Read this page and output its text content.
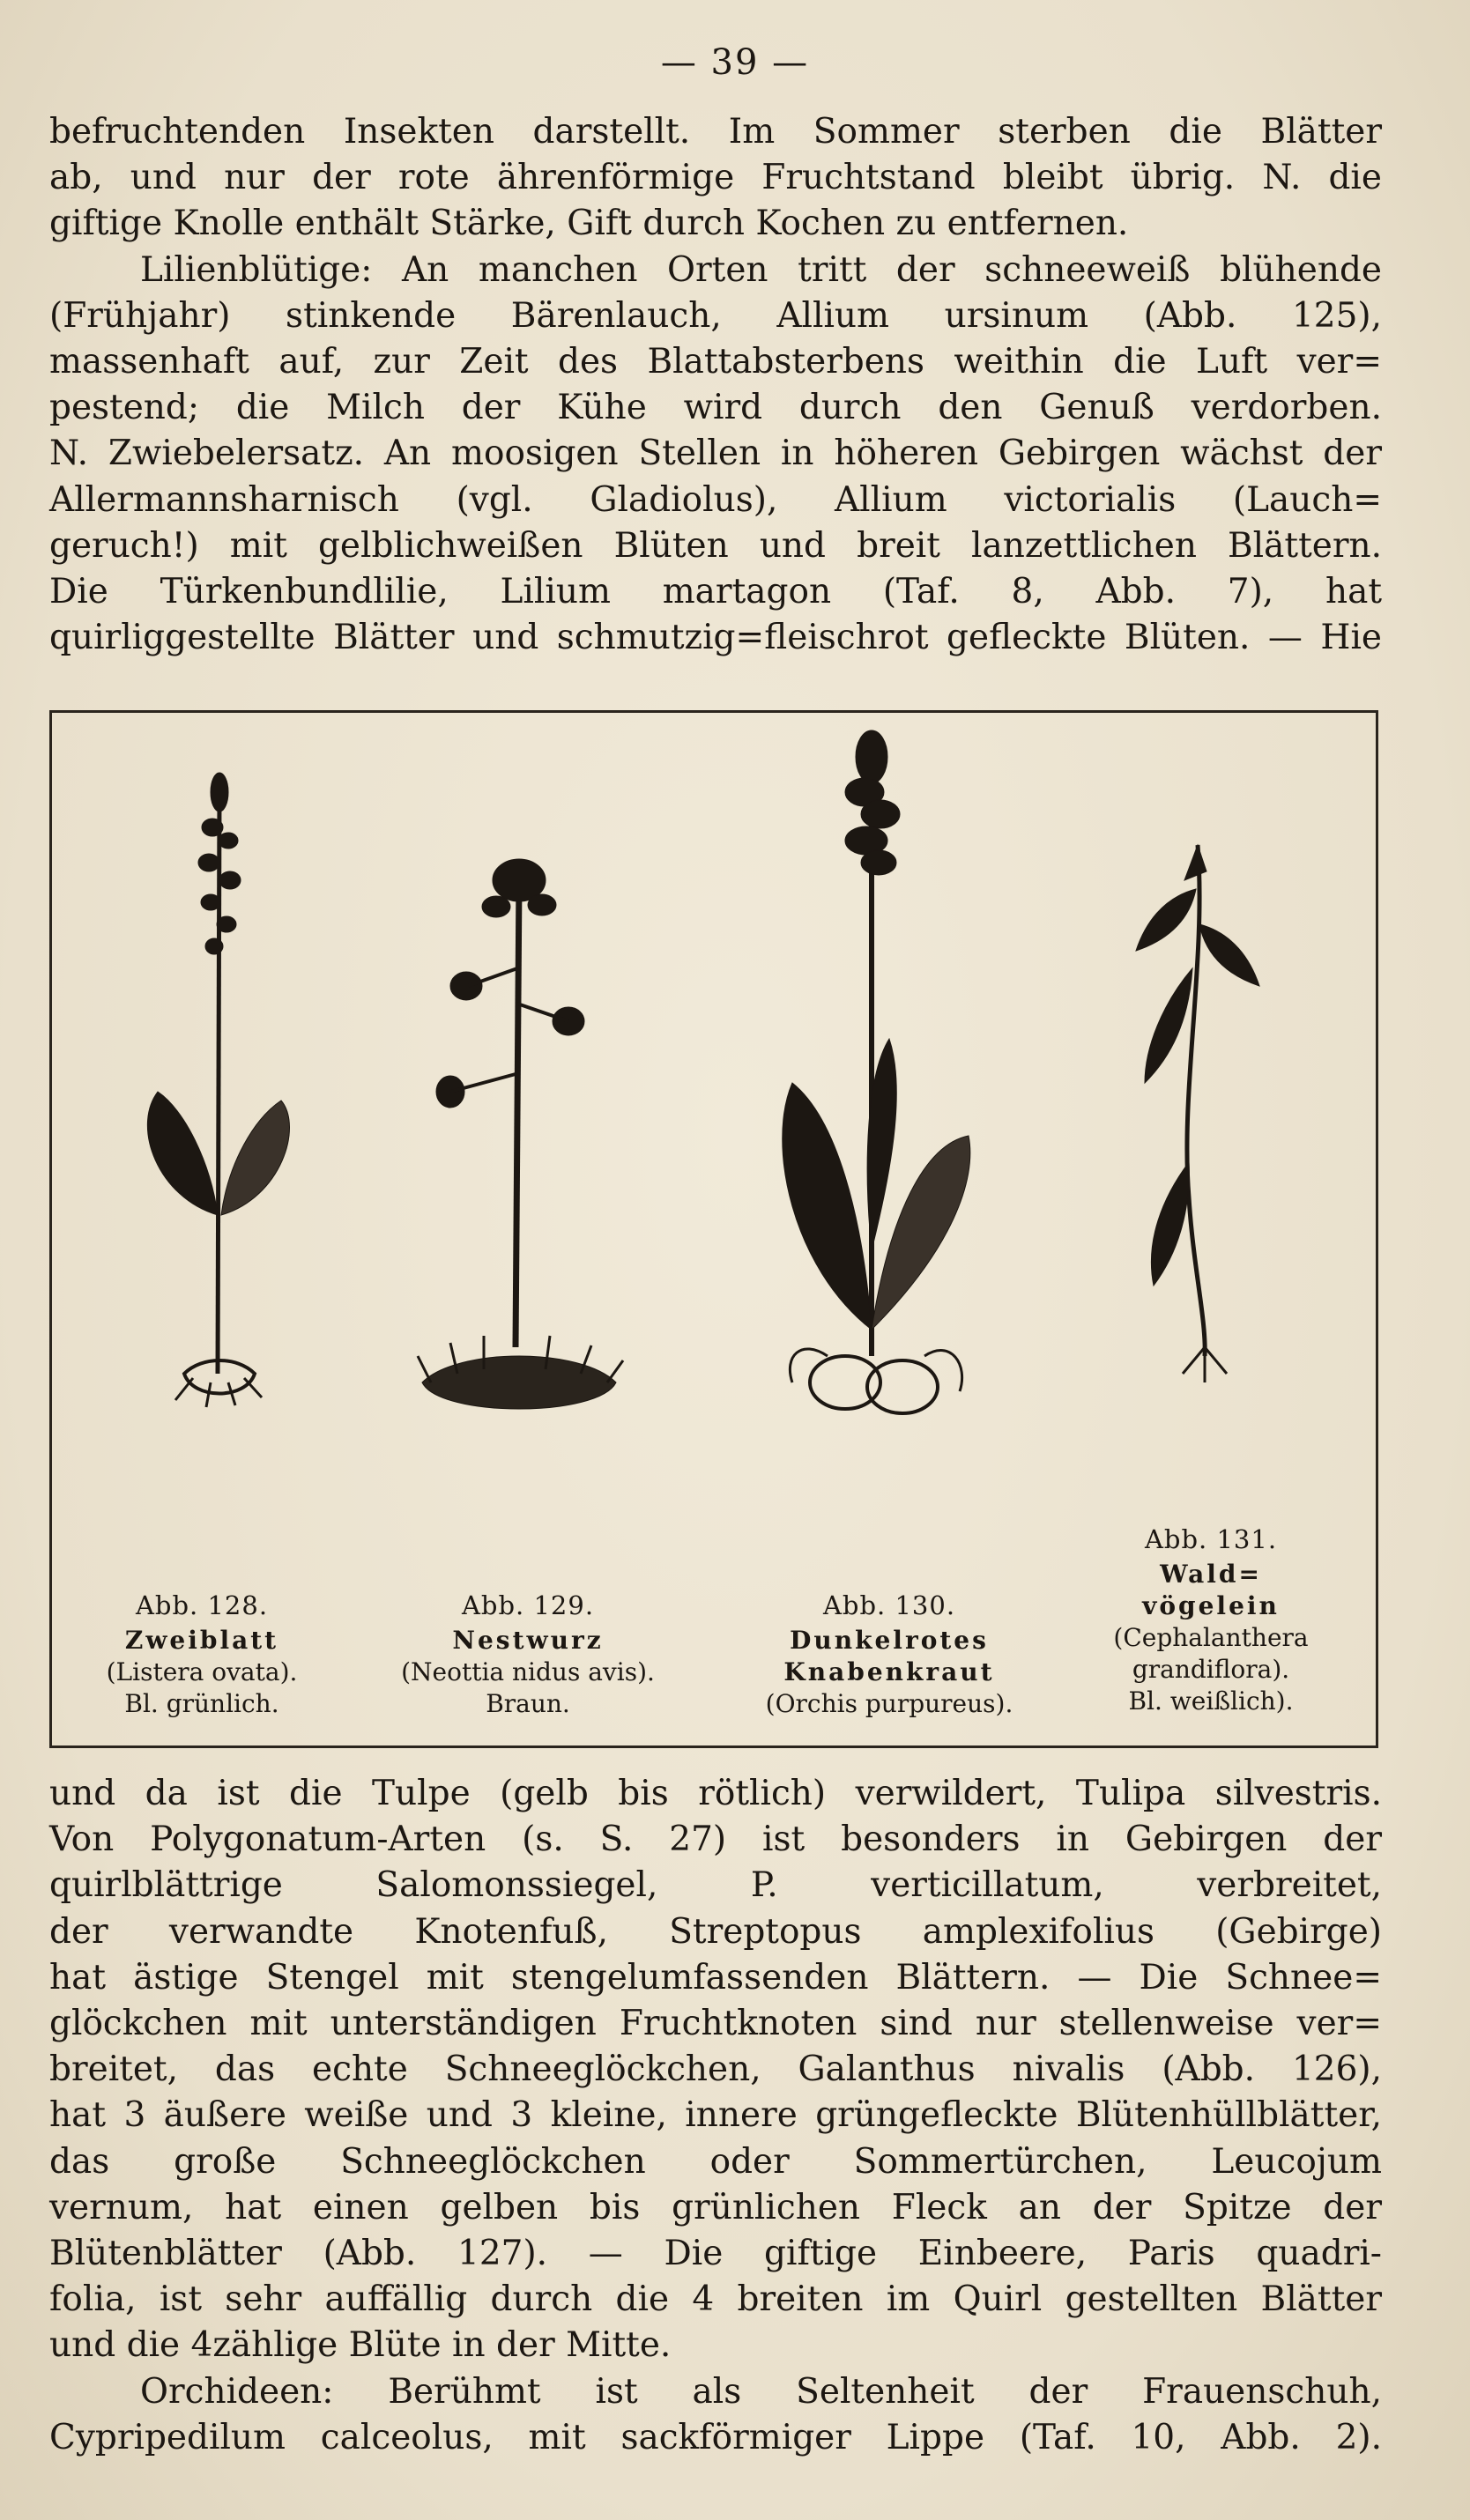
— 39 —
befruchtenden Insekten darstellt. Im Sommer sterben die Blätter
ab, und nur der rote ährenförmige Fruchtstand bleibt übrig. N. die
giftige Knolle enthält Stärke, Gift durch Kochen zu entfernen.
Lilienblütige: An manchen Orten tritt der schneeweiß blühende
(Frühjahr) stinkende Bärenlauch, Allium ursinum (Abb. 125),
massenhaft auf, zur Zeit des Blattabsterbens weithin die Luft ver=
pestend; die Milch der Kühe wird durch den Genuß verdorben.
N. Zwiebelersatz. An moosigen Stellen in höheren Gebirgen wächst der
Allermannsharnisch (vgl. Gladiolus), Allium victorialis (Lauch=
geruch!) mit gelblichweißen Blüten und breit lanzettlichen Blättern.
Die Türkenbundlilie, Lilium martagon (Taf. 8, Abb. 7), hat
quirliggestellte Blätter und schmutzig=fleischrot gefleckte Blüten. — Hie
Abb. 128.
Zweiblatt
(Listera ovata).
Bl. grünlich.
Abb. 129.
Nestwurz
(Neottia nidus avis).
Braun.
Abb. 130.
Dunkelrotes
Knabenkraut
(Orchis purpureus).
Abb. 131.
Wald=
vögelein
(Cephalanthera
grandiflora).
Bl. weißlich).
und da ist die Tulpe (gelb bis rötlich) verwildert, Tulipa silvestris.
Von Polygonatum-Arten (s. S. 27) ist besonders in Gebirgen der
quirlblättrige Salomonssiegel, P. verticillatum, verbreitet,
der verwandte Knotenfuß, Streptopus amplexifolius (Gebirge)
hat ästige Stengel mit stengelumfassenden Blättern. — Die Schnee=
glöckchen mit unterständigen Fruchtknoten sind nur stellenweise ver=
breitet, das echte Schneeglöckchen, Galanthus nivalis (Abb. 126),
hat 3 äußere weiße und 3 kleine, innere grüngefleckte Blütenhüllblätter,
das große Schneeglöckchen oder Sommertürchen, Leucojum
vernum, hat einen gelben bis grünlichen Fleck an der Spitze der
Blütenblätter (Abb. 127). — Die giftige Einbeere, Paris quadri-
folia, ist sehr auffällig durch die 4 breiten im Quirl gestellten Blätter
und die 4zählige Blüte in der Mitte.
Orchideen: Berühmt ist als Seltenheit der Frauenschuh,
Cypripedilum calceolus, mit sackförmiger Lippe (Taf. 10, Abb. 2).
